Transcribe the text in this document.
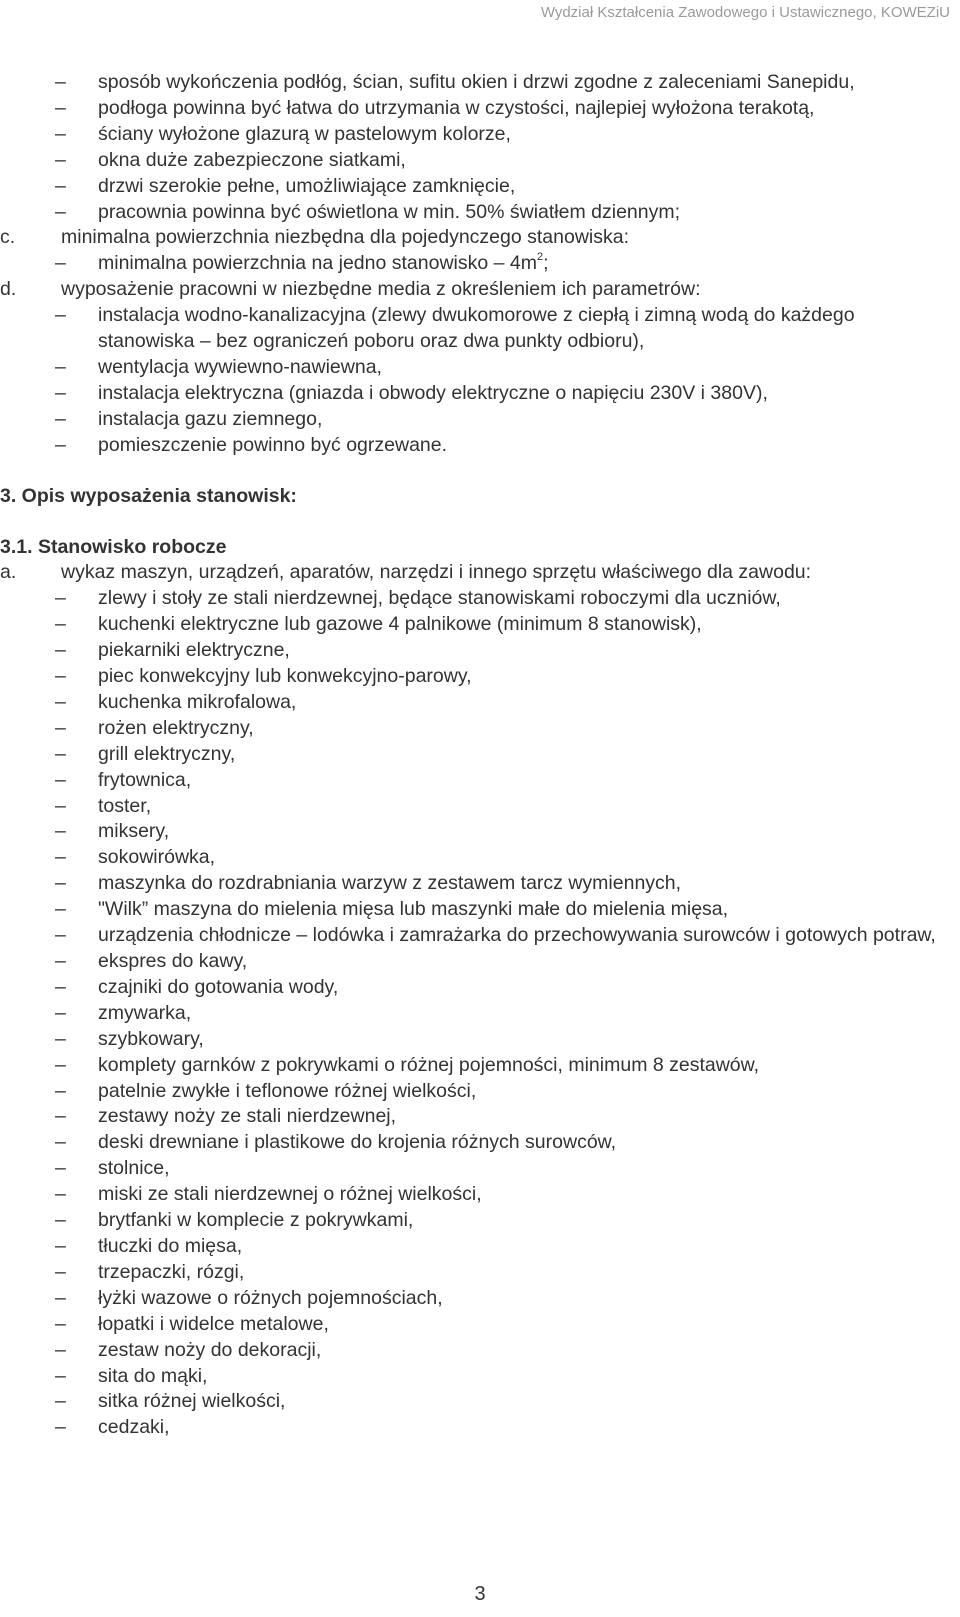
Wydział Kształcenia Zawodowego i Ustawicznego, KOWEZiU
– sposób wykończenia podłóg, ścian, sufitu okien i drzwi zgodne z zaleceniami Sanepidu,
– podłoga powinna być łatwa do utrzymania w czystości, najlepiej wyłożona terakotą,
– ściany wyłożone glazurą w pastelowym kolorze,
– okna duże zabezpieczone siatkami,
– drzwi szerokie pełne, umożliwiające zamknięcie,
– pracownia powinna być oświetlona w min. 50% światłem dziennym;
c. minimalna powierzchnia niezbędna dla pojedynczego stanowiska:
– minimalna powierzchnia na jedno stanowisko – $4m^2$;
d. wyposażenie pracowni w niezbędne media z określeniem ich parametrów:
– instalacja wodno-kanalizacyjna (zlewy dwukomorowe z ciepłą i zimną wodą do każdego stanowiska – bez ograniczeń poboru oraz dwa punkty odbioru),
– wentylacja wywiewno-nawiewna,
– instalacja elektryczna (gniazda i obwody elektryczne o napięciu 230V i 380V),
– instalacja gazu ziemnego,
– pomieszczenie powinno być ogrzewane.
3. Opis wyposażenia stanowisk:
3.1. Stanowisko robocze
a. wykaz maszyn, urządzeń, aparatów, narzędzi i innego sprzętu właściwego dla zawodu:
– zlewy i stoły ze stali nierdzewnej, będące stanowiskami roboczymi dla uczniów,
– kuchenki elektryczne lub gazowe 4 palnikowe (minimum 8 stanowisk),
– piekarniki elektryczne,
– piec konwekcyjny lub konwekcyjno-parowy,
– kuchenka mikrofalowa,
– rożen elektryczny,
– grill elektryczny,
– frytownica,
– toster,
– miksery,
– sokowirówka,
– maszynka do rozdrabniania warzyw z zestawem tarcz wymiennych,
– "Wilk” maszyna do mielenia mięsa lub maszynki małe do mielenia mięsa,
– urządzenia chłodnicze – lodówka i zamrażarka do przechowywania surowców i gotowych potraw,
– ekspres do kawy,
– czajniki do gotowania wody,
– zmywarka,
– szybkowary,
– komplety garnków z pokrywkami o różnej pojemności, minimum 8 zestawów,
– patelnie zwykłe i teflonowe różnej wielkości,
– zestawy noży ze stali nierdzewnej,
– deski drewniane i plastikowe do krojenia różnych surowców,
– stolnice,
– miski ze stali nierdzewnej o różnej wielkości,
– brytfanki w komplecie z pokrywkami,
– tłuczki do mięsa,
– trzepaczki, rózgi,
– łyżki wazowe o różnych pojemnościach,
– łopatki i widelce metalowe,
– zestaw noży do dekoracji,
– sita do mąki,
– sitka różnej wielkości,
– cedzaki,
3
